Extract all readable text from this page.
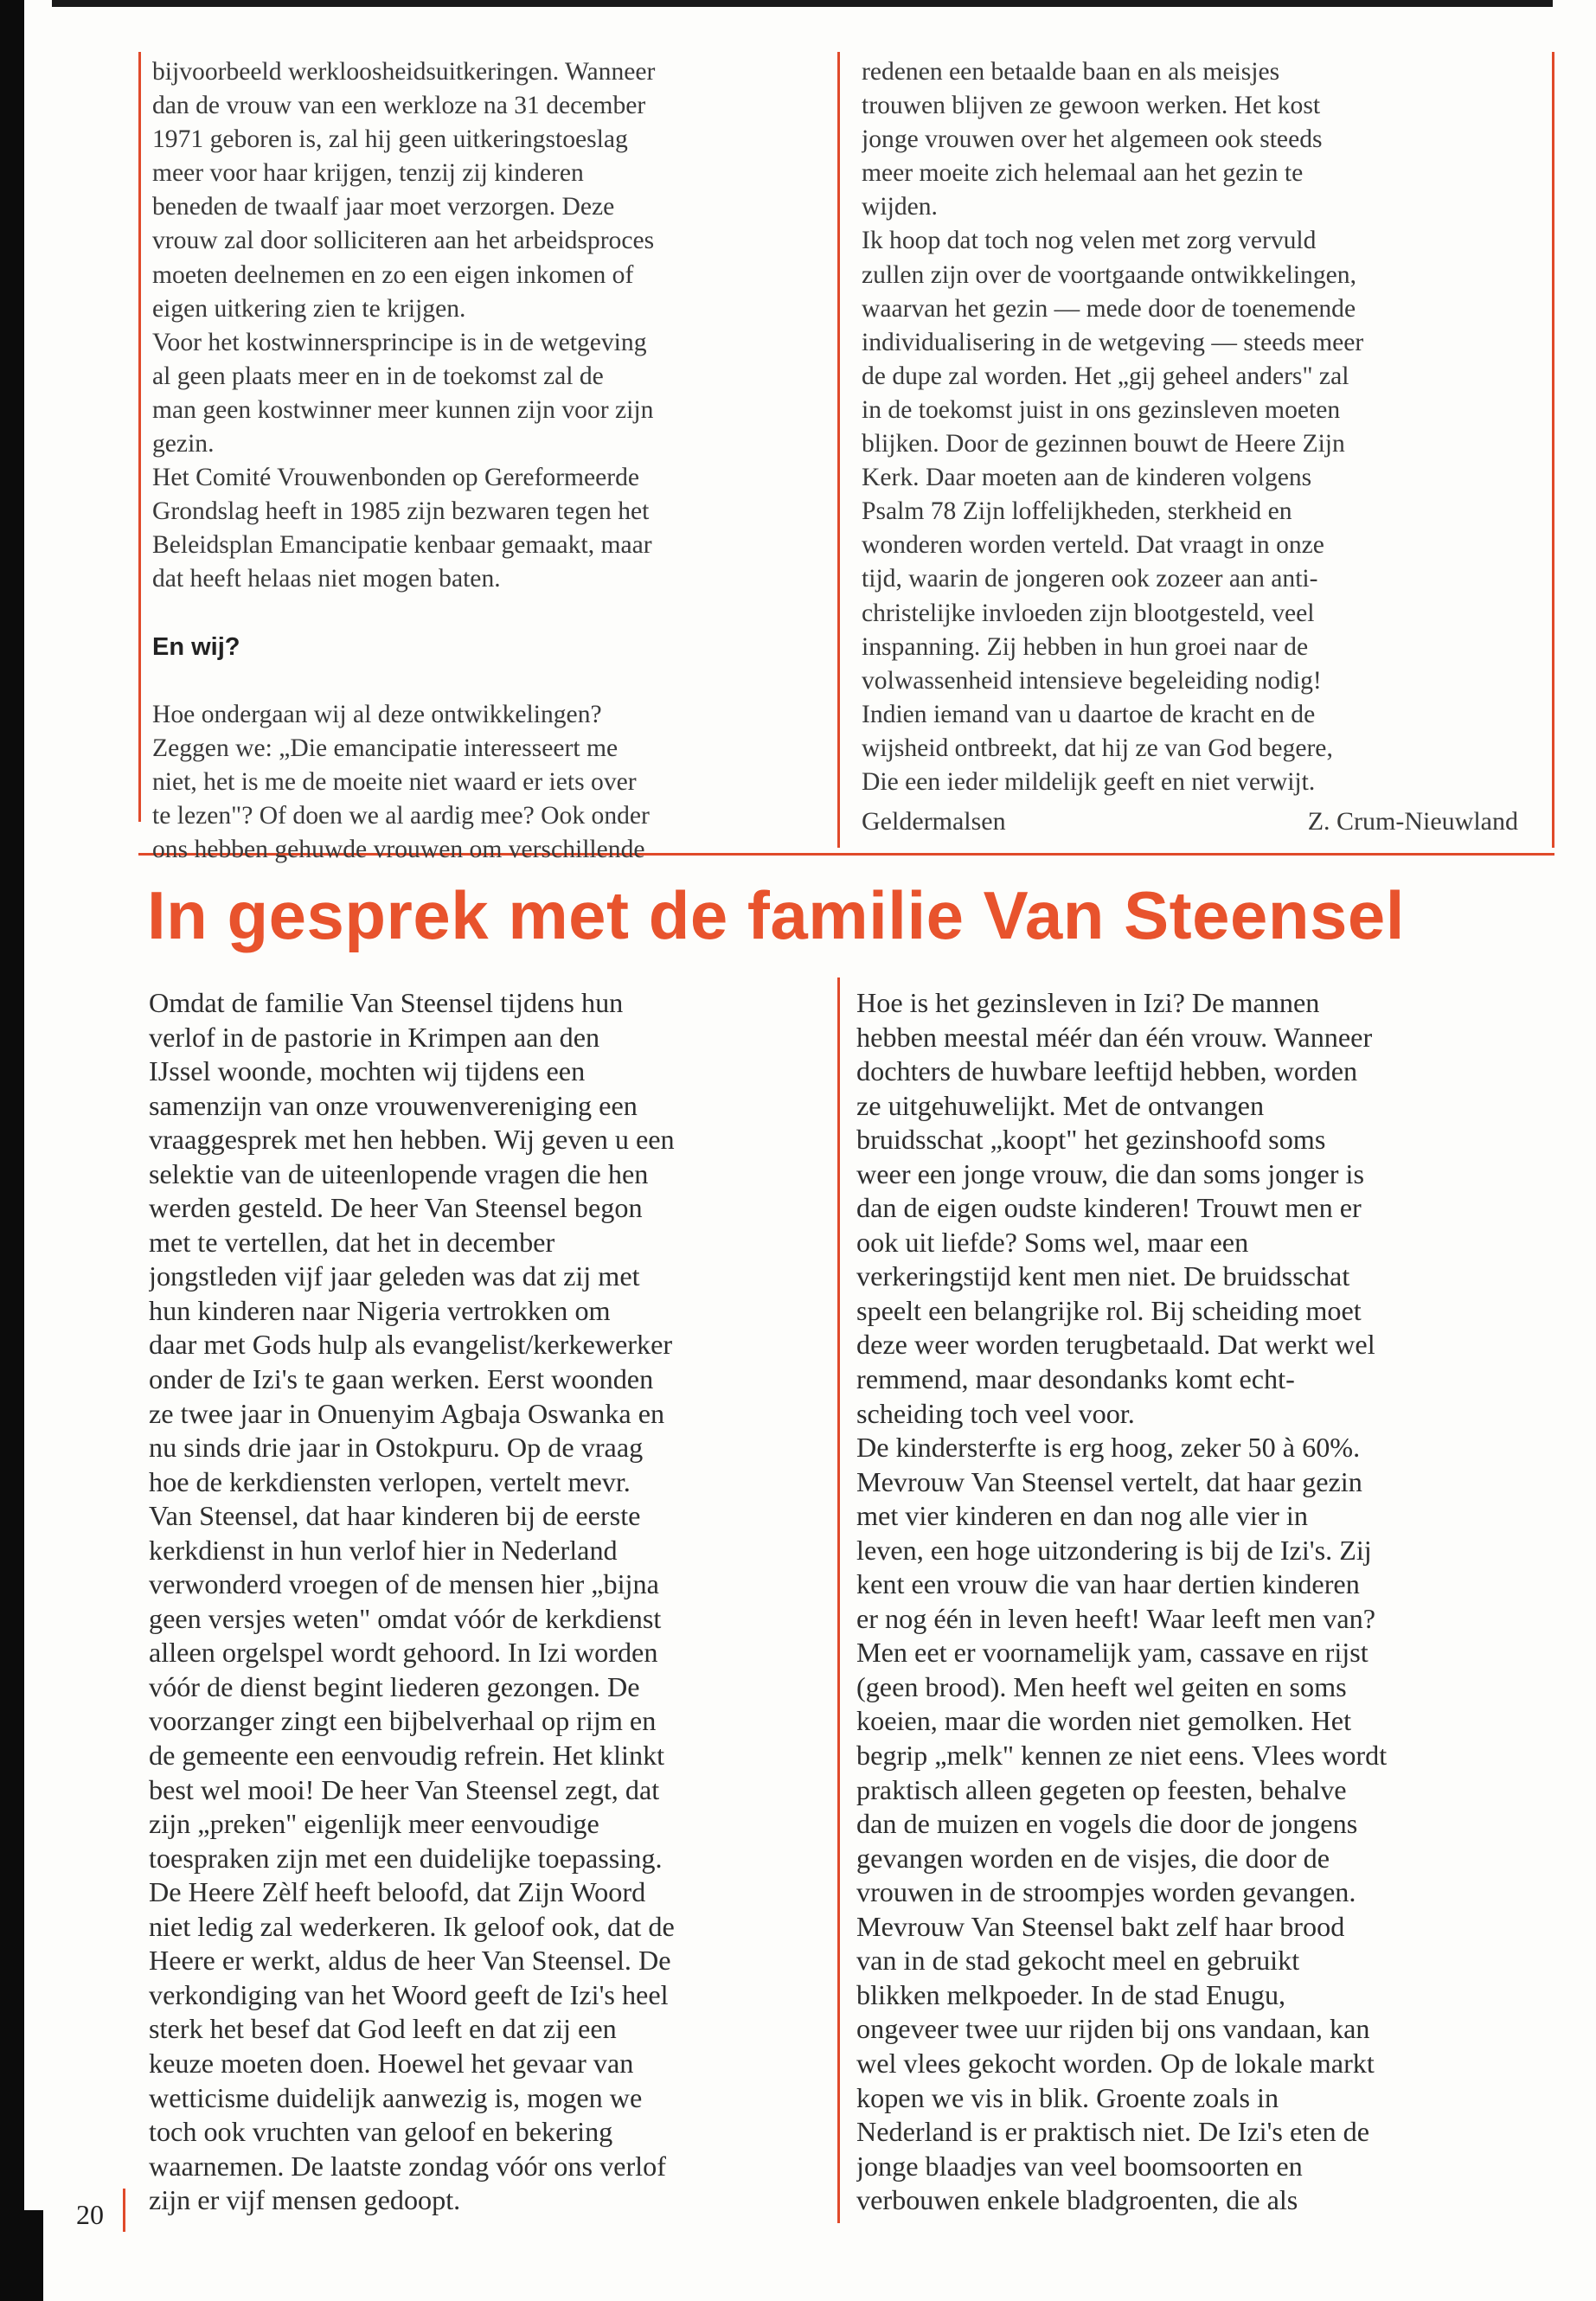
bijvoorbeeld werkloosheidsuitkeringen. Wanneer
dan de vrouw van een werkloze na 31 december
1971 geboren is, zal hij geen uitkeringstoeslag
meer voor haar krijgen, tenzij zij kinderen
beneden de twaalf jaar moet verzorgen. Deze
vrouw zal door solliciteren aan het arbeidsproces
moeten deelnemen en zo een eigen inkomen of
eigen uitkering zien te krijgen.
Voor het kostwinnersprincipe is in de wetgeving
al geen plaats meer en in de toekomst zal de
man geen kostwinner meer kunnen zijn voor zijn
gezin.
Het Comité Vrouwenbonden op Gereformeerde
Grondslag heeft in 1985 zijn bezwaren tegen het
Beleidsplan Emancipatie kenbaar gemaakt, maar
dat heeft helaas niet mogen baten.
En wij?
Hoe ondergaan wij al deze ontwikkelingen?
Zeggen we: „Die emancipatie interesseert me
niet, het is me de moeite niet waard er iets over
te lezen"? Of doen we al aardig mee? Ook onder
ons hebben gehuwde vrouwen om verschillende
redenen een betaalde baan en als meisjes
trouwen blijven ze gewoon werken. Het kost
jonge vrouwen over het algemeen ook steeds
meer moeite zich helemaal aan het gezin te
wijden.
Ik hoop dat toch nog velen met zorg vervuld
zullen zijn over de voortgaande ontwikkelingen,
waarvan het gezin — mede door de toenemende
individualisering in de wetgeving — steeds meer
de dupe zal worden. Het „gij geheel anders" zal
in de toekomst juist in ons gezinsleven moeten
blijken. Door de gezinnen bouwt de Heere Zijn
Kerk. Daar moeten aan de kinderen volgens
Psalm 78 Zijn loffelijkheden, sterkheid en
wonderen worden verteld. Dat vraagt in onze
tijd, waarin de jongeren ook zozeer aan anti-
christelijke invloeden zijn blootgesteld, veel
inspanning. Zij hebben in hun groei naar de
volwassenheid intensieve begeleiding nodig!
Indien iemand van u daartoe de kracht en de
wijsheid ontbreekt, dat hij ze van God begere,
Die een ieder mildelijk geeft en niet verwijt.

Geldermalsen	Z. Crum-Nieuwland

In gesprek met de familie Van Steensel
Omdat de familie Van Steensel tijdens hun
verlof in de pastorie in Krimpen aan den
IJssel woonde, mochten wij tijdens een
samenzijn van onze vrouwenvereniging een
vraaggesprek met hen hebben. Wij geven u een
selektie van de uiteenlopende vragen die hen
werden gesteld. De heer Van Steensel begon
met te vertellen, dat het in december
jongstleden vijf jaar geleden was dat zij met
hun kinderen naar Nigeria vertrokken om
daar met Gods hulp als evangelist/kerkewerker
onder de Izi's te gaan werken. Eerst woonden
ze twee jaar in Onuenyim Agbaja Oswanka en
nu sinds drie jaar in Ostokpuru. Op de vraag
hoe de kerkdiensten verlopen, vertelt mevr.
Van Steensel, dat haar kinderen bij de eerste
kerkdienst in hun verlof hier in Nederland
verwonderd vroegen of de mensen hier „bijna
geen versjes weten" omdat vóór de kerkdienst
alleen orgelspel wordt gehoord. In Izi worden
vóór de dienst begint liederen gezongen. De
voorzanger zingt een bijbelverhaal op rijm en
de gemeente een eenvoudig refrein. Het klinkt
best wel mooi! De heer Van Steensel zegt, dat
zijn „preken" eigenlijk meer eenvoudige
toespraken zijn met een duidelijke toepassing.
De Heere Zèlf heeft beloofd, dat Zijn Woord
niet ledig zal wederkeren. Ik geloof ook, dat de
Heere er werkt, aldus de heer Van Steensel. De
verkondiging van het Woord geeft de Izi's heel
sterk het besef dat God leeft en dat zij een
keuze moeten doen. Hoewel het gevaar van
wetticisme duidelijk aanwezig is, mogen we
toch ook vruchten van geloof en bekering
waarnemen. De laatste zondag vóór ons verlof
zijn er vijf mensen gedoopt.
Hoe is het gezinsleven in Izi? De mannen
hebben meestal méér dan één vrouw. Wanneer
dochters de huwbare leeftijd hebben, worden
ze uitgehuwelijkt. Met de ontvangen
bruidsschat „koopt" het gezinshoofd soms
weer een jonge vrouw, die dan soms jonger is
dan de eigen oudste kinderen! Trouwt men er
ook uit liefde? Soms wel, maar een
verkeringstijd kent men niet. De bruidsschat
speelt een belangrijke rol. Bij scheiding moet
deze weer worden terugbetaald. Dat werkt wel
remmend, maar desondanks komt echt-
scheiding toch veel voor.
De kindersterfte is erg hoog, zeker 50 à 60%.
Mevrouw Van Steensel vertelt, dat haar gezin
met vier kinderen en dan nog alle vier in
leven, een hoge uitzondering is bij de Izi's. Zij
kent een vrouw die van haar dertien kinderen
er nog één in leven heeft! Waar leeft men van?
Men eet er voornamelijk yam, cassave en rijst
(geen brood). Men heeft wel geiten en soms
koeien, maar die worden niet gemolken. Het
begrip „melk" kennen ze niet eens. Vlees wordt
praktisch alleen gegeten op feesten, behalve
dan de muizen en vogels die door de jongens
gevangen worden en de visjes, die door de
vrouwen in de stroompjes worden gevangen.
Mevrouw Van Steensel bakt zelf haar brood
van in de stad gekocht meel en gebruikt
blikken melkpoeder. In de stad Enugu,
ongeveer twee uur rijden bij ons vandaan, kan
wel vlees gekocht worden. Op de lokale markt
kopen we vis in blik. Groente zoals in
Nederland is er praktisch niet. De Izi's eten de
jonge blaadjes van veel boomsoorten en
verbouwen enkele bladgroenten, die als

20
